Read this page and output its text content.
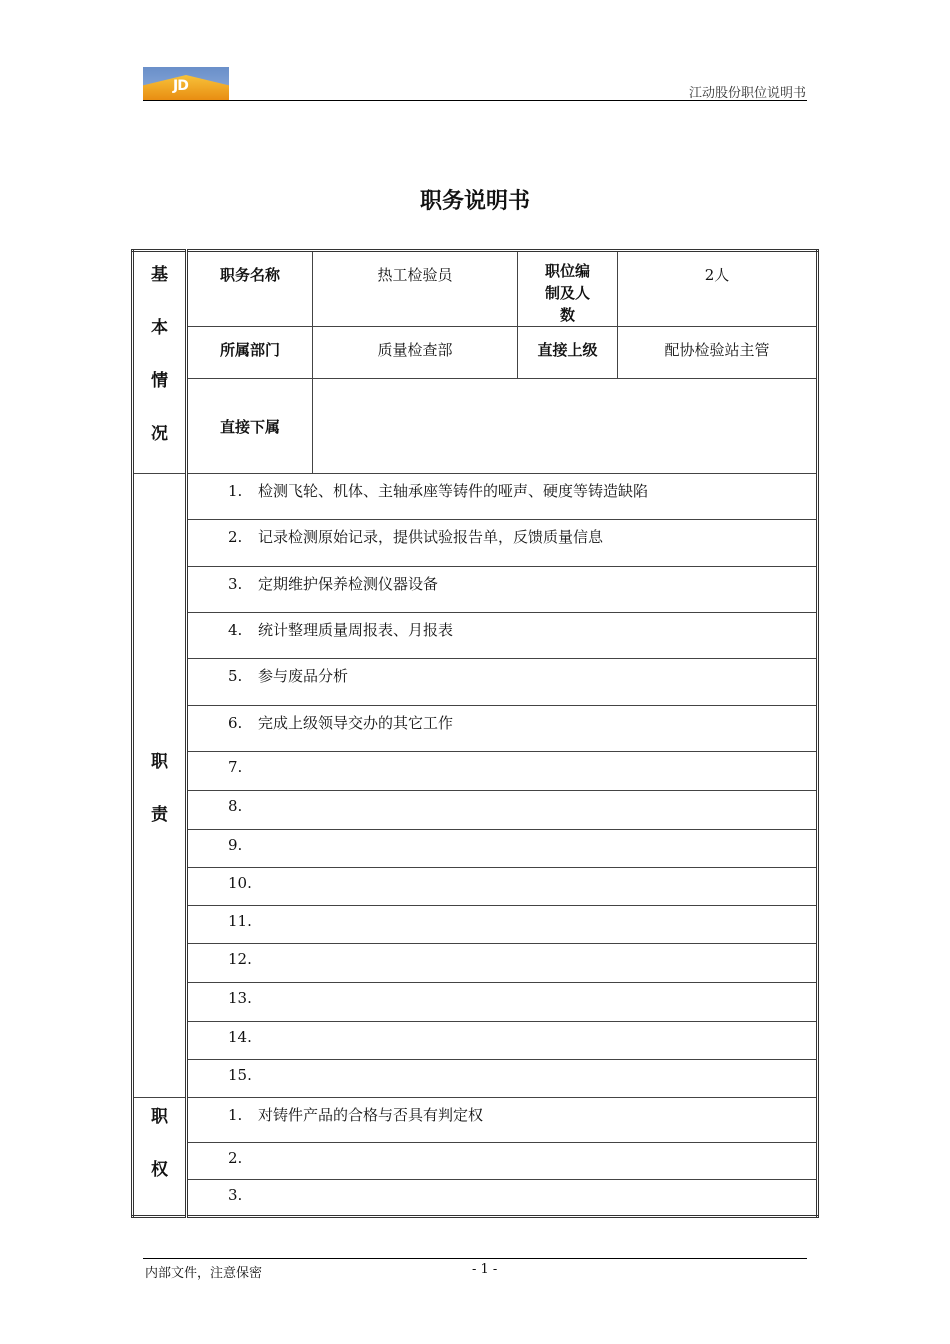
JD	江动股份职位说明书
职务说明书
基
本
情
况	职务名称	热工检验员	职位编制及人数	2人
	所属部门	质量检查部	直接上级	配协检验站主管
	直接下属			

职
责	1. 检测飞轮、机体、主轴承座等铸件的哑声、硬度等铸造缺陷			
	2. 记录检测原始记录，提供试验报告单，反馈质量信息			
	3. 定期维护保养检测仪器设备			
	4. 统计整理质量周报表、月报表			
	5. 参与废品分析			
	6. 完成上级领导交办的其它工作			
	7.			
	8.			
	9.			
	10.			
	11.			
	12.			
	13.			
	14.			
	15.			

职
权	1. 对铸件产品的合格与否具有判定权			
	2.			
	3.			
内部文件，注意保密	- 1 -
